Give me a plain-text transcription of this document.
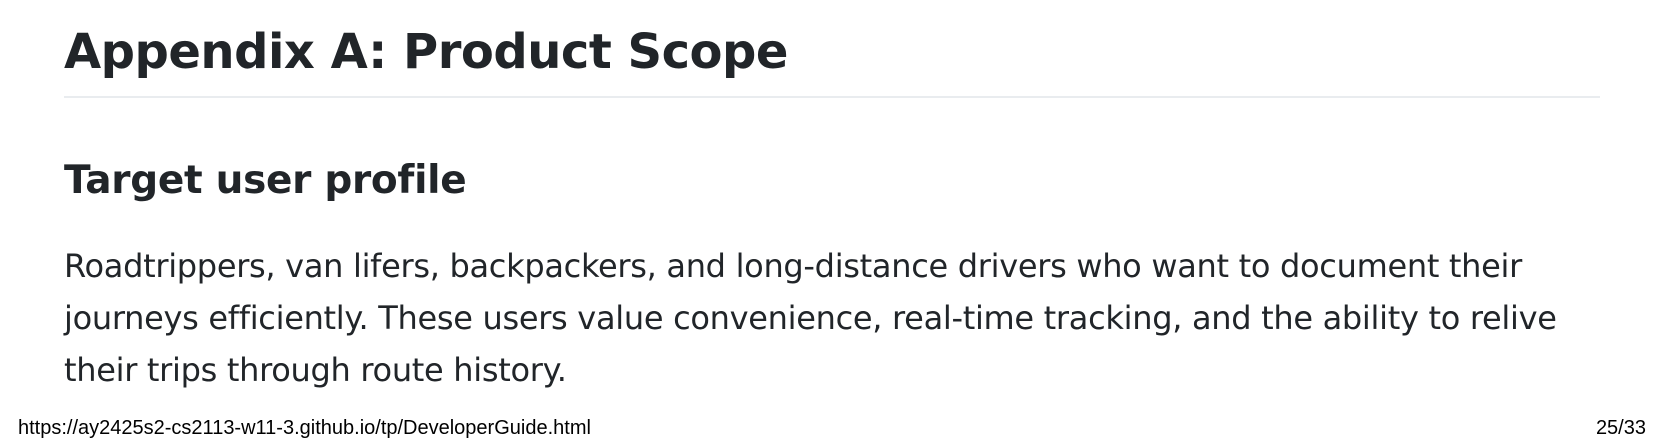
Appendix A: Product Scope
Target user profile

Roadtrippers, van lifers, backpackers, and long-distance drivers who want to document their journeys efficiently. These users value convenience, real-time tracking, and the ability to relive their trips through route history.

https://ay2425s2-cs2113-w11-3.github.io/tp/DeveloperGuide.html	25/33
